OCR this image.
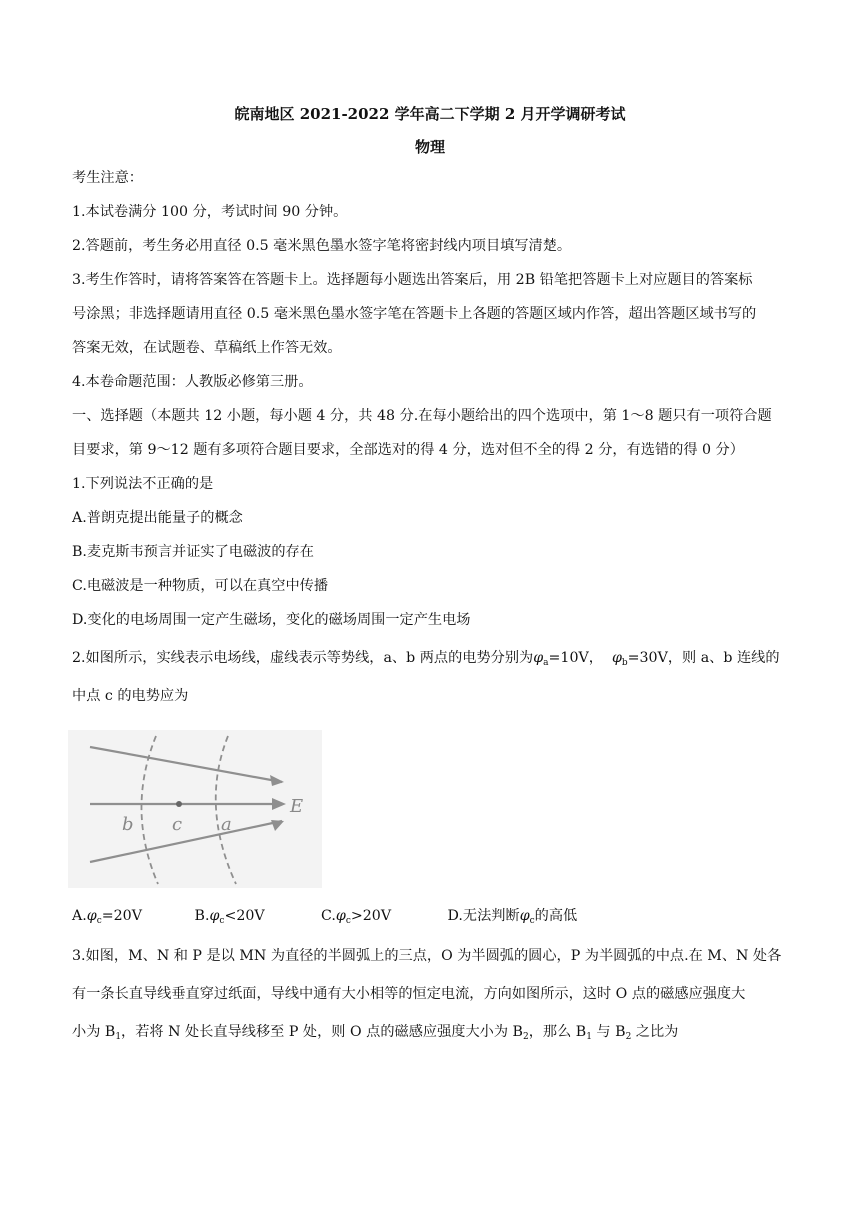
皖南地区 2021-2022 学年高二下学期 2 月开学调研考试
物理
考生注意：
1.本试卷满分 100 分，考试时间 90 分钟。
2.答题前，考生务必用直径 0.5 毫米黑色墨水签字笔将密封线内项目填写清楚。
3.考生作答时，请将答案答在答题卡上。选择题每小题选出答案后，用 2B 铅笔把答题卡上对应题目的答案标
号涂黑；非选择题请用直径 0.5 毫米黑色墨水签字笔在答题卡上各题的答题区域内作答，超出答题区域书写的
答案无效，在试题卷、草稿纸上作答无效。
4.本卷命题范围：人教版必修第三册。
一、选择题（本题共 12 小题，每小题 4 分，共 48 分.在每小题给出的四个选项中，第 1～8 题只有一项符合题
目要求，第 9～12 题有多项符合题目要求，全部选对的得 4 分，选对但不全的得 2 分，有选错的得 0 分）
1.下列说法不正确的是
A.普朗克提出能量子的概念
B.麦克斯韦预言并证实了电磁波的存在
C.电磁波是一种物质，可以在真空中传播
D.变化的电场周围一定产生磁场，变化的磁场周围一定产生电场
2.如图所示，实线表示电场线，虚线表示等势线，a、b 两点的电势分别为$\varphi_a=10V$， $\varphi_b=30V$，则 a、b 连线的
中点 c 的电势应为
b c a
E
$A.\varphi_c=20V$	$B.\varphi_c<20V$	$C.\varphi_c>20V$	D.无法判断$\varphi_c$的高低
3.如图，M、N 和 P 是以 MN 为直径的半圆弧上的三点，O 为半圆弧的圆心，P 为半圆弧的中点.在 M、N 处各
有一条长直导线垂直穿过纸面，导线中通有大小相等的恒定电流，方向如图所示，这时 O 点的磁感应强度大
小为 $B_1$，若将 N 处长直导线移至 P 处，则 O 点的磁感应强度大小为 $B_2$，那么 $B_1$ 与 $B_2$ 之比为
